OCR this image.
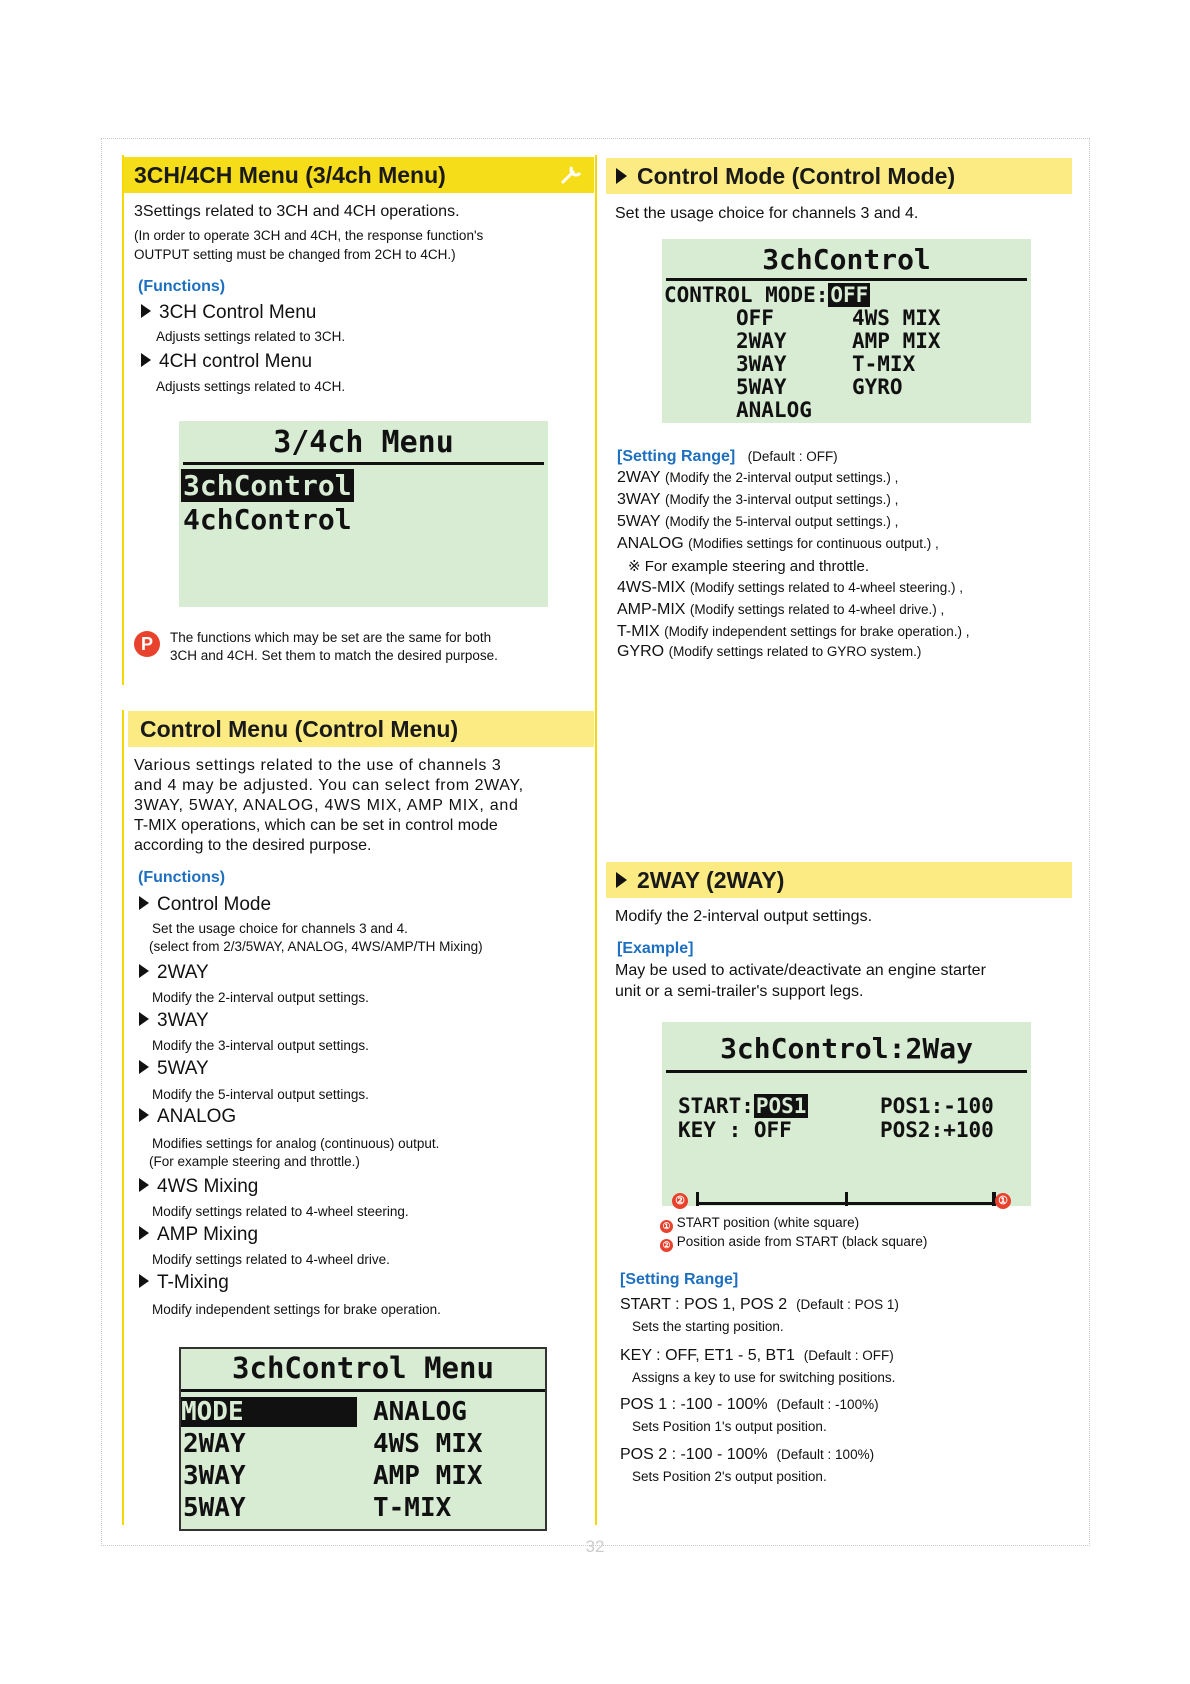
3CH/4CH Menu (3/4ch Menu)
3Settings related to 3CH and 4CH operations.
(In order to operate 3CH and 4CH, the response function's
OUTPUT setting must be changed from 2CH to 4CH.)
(Functions)
3CH Control Menu
Adjusts settings related to 3CH.
4CH control Menu
Adjusts settings related to 4CH.
3/4ch Menu
3chControl
4chControl
P	The functions which may be set are the same for both
3CH and 4CH. Set them to match the desired purpose.
Control Menu (Control Menu)
Various settings related to the use of channels 3
and 4 may be adjusted. You can select from 2WAY,
3WAY, 5WAY, ANALOG, 4WS MIX, AMP MIX, and
T-MIX operations, which can be set in control mode
according to the desired purpose.
(Functions)
Control Mode
Set the usage choice for channels 3 and 4.
(select from 2/3/5WAY, ANALOG, 4WS/AMP/TH Mixing)
2WAY
Modify the 2-interval output settings.
3WAY
Modify the 3-interval output settings.
5WAY
Modify the 5-interval output settings.
ANALOG
Modifies settings for analog (continuous) output.
(For example steering and throttle.)
4WS Mixing
Modify settings related to 4-wheel steering.
AMP Mixing
Modify settings related to 4-wheel drive.
T-Mixing
Modify independent settings for brake operation.
3chControl Menu
MODE
2WAY
3WAY
5WAY
ANALOG
4WS MIX
AMP MIX
T-MIX
Control Mode (Control Mode)
Set the usage choice for channels 3 and 4.
3chControl
CONTROL MODE:OFF
OFF
2WAY
3WAY
5WAY
ANALOG
4WS MIX
AMP MIX
T-MIX
GYRO
[Setting Range] (Default : OFF)
2WAY (Modify the 2-interval output settings.) ,
3WAY (Modify the 3-interval output settings.) ,
5WAY (Modify the 5-interval output settings.) ,
ANALOG (Modifies settings for continuous output.) ,
※ For example steering and throttle.
4WS-MIX (Modify settings related to 4-wheel steering.) ,
AMP-MIX (Modify settings related to 4-wheel drive.) ,
T-MIX (Modify independent settings for brake operation.) ,
GYRO (Modify settings related to GYRO system.)
2WAY (2WAY)
Modify the 2-interval output settings.
[Example]
May be used to activate/deactivate an engine starter
unit or a semi-trailer's support legs.
3chControl:2Way
START:POS1
KEY : OFF
POS1:-100
POS2:+100
②	①
① START position (white square)
② Position aside from START (black square)
[Setting Range]
START : POS 1, POS 2 (Default : POS 1)
Sets the starting position.
KEY : OFF, ET1 - 5, BT1 (Default : OFF)
Assigns a key to use for switching positions.
POS 1 : -100 - 100% (Default : -100%)
Sets Position 1's output position.
POS 2 : -100 - 100% (Default : 100%)
Sets Position 2's output position.
32
